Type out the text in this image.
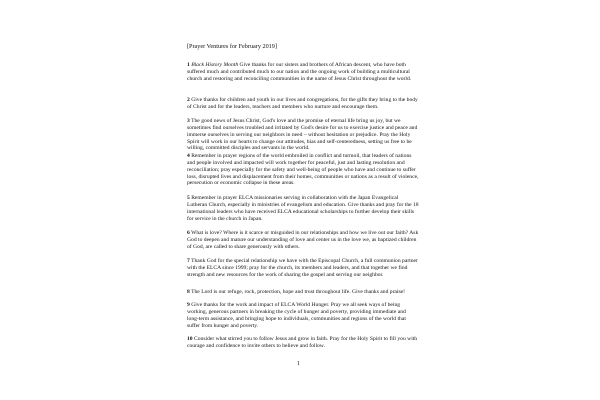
[Prayer Ventures for February 2019]
1 Black History Month Give thanks for our sisters and brothers of African descent, who have both suffered much and contributed much to our nation and the ongoing work of building a multicultural church and restoring and reconciling communities in the name of Jesus Christ throughout the world.
2 Give thanks for children and youth in our lives and congregations, for the gifts they bring to the body of Christ and for the leaders, teachers and members who nurture and encourage them.
3 The good news of Jesus Christ, God's love and the promise of eternal life bring us joy, but we sometimes find ourselves troubled and irritated by God's desire for us to exercise justice and peace and immerse ourselves in serving our neighbors in need – without hesitation or prejudice. Pray the Holy Spirit will work in our hearts to change our attitudes, bias and self-centeredness, setting us free to be willing, committed disciples and servants in the world.
4 Remember in prayer regions of the world embroiled in conflict and turmoil, that leaders of nations and people involved and impacted will work together for peaceful, just and lasting resolution and reconciliation; pray especially for the safety and well-being of people who have and continue to suffer loss, disrupted lives and displacement from their homes, communities or nations as a result of violence, persecution or economic collapse in these areas.
5 Remember in prayer ELCA missionaries serving in collaboration with the Japan Evangelical Lutheran Church, especially in ministries of evangelism and education. Give thanks and pray for the 18 international leaders who have received ELCA educational scholarships to further develop their skills for service in the church in Japan.
6 What is love? Where is it scarce or misguided in our relationships and how we live out our faith? Ask God to deepen and mature our understanding of love and center us in the love we, as baptized children of God, are called to share generously with others.
7 Thank God for the special relationship we have with the Episcopal Church, a full communion partner with the ELCA since 1999; pray for the church, its members and leaders, and that together we find strength and new resources for the work of sharing the gospel and serving our neighbor.
8 The Lord is our refuge, rock, protection, hope and trust throughout life. Give thanks and praise!
9 Give thanks for the work and impact of ELCA World Hunger. Pray we all seek ways of being working, generous partners in breaking the cycle of hunger and poverty, providing immediate and long-term assistance, and bringing hope to individuals, communities and regions of the world that suffer from hunger and poverty.
10 Consider what stirred you to follow Jesus and grow in faith. Pray for the Holy Spirit to fill you with courage and confidence to invite others to believe and follow.
1
